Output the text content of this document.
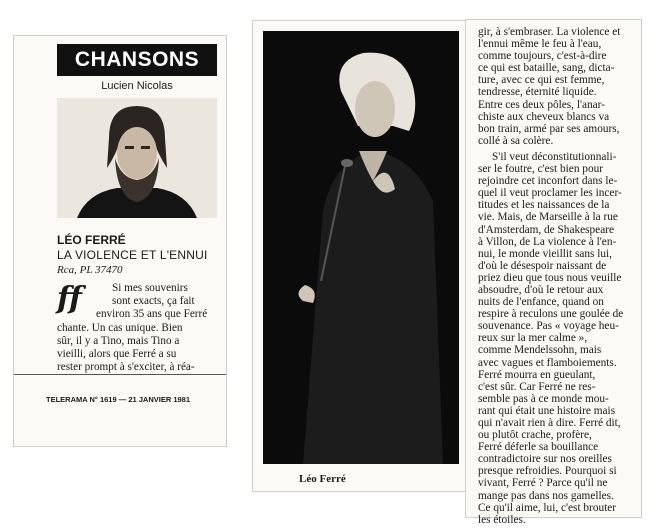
CHANSONS
Lucien Nicolas
LÉO FERRÉ
LA VIOLENCE ET L'ENNUI
Rca, PL 37470
ff	Si mes souvenirs
sont exacts, ça fait
environ 35 ans que Ferré
chante. Un cas unique. Bien
sûr, il y a Tino, mais Tino a
vieilli, alors que Ferré a su
rester prompt à s'exciter, à réa-
TELERAMA N° 1619 — 21 JANVIER 1981
Léo Ferré
gir, à s'embraser. La violence et
l'ennui même le feu à l'eau,
comme toujours, c'est-à-dire
ce qui est bataille, sang, dicta-
ture, avec ce qui est femme,
tendresse, éternité liquide.
Entre ces deux pôles, l'anar-
chiste aux cheveux blancs va
bon train, armé par ses amours,
collé à sa colère.
S'il veut déconstitutionnali-
ser le foutre, c'est bien pour
rejoindre cet inconfort dans le-
quel il veut proclamer les incer-
titudes et les naissances de la
vie. Mais, de Marseille à la rue
d'Amsterdam, de Shakespeare
à Villon, de La violence à l'en-
nui, le monde vieillit sans lui,
d'où le désespoir naissant de
priez dieu que tous nous veuille
absoudre, d'où le retour aux
nuits de l'enfance, quand on
respire à reculons une goulée de
souvenance. Pas « voyage heu-
reux sur la mer calme »,
comme Mendelssohn, mais
avec vagues et flamboiements.
Ferré mourra en gueulant,
c'est sûr. Car Ferré ne res-
semble pas à ce monde mou-
rant qui était une histoire mais
qui n'avait rien à dire. Ferré dit,
ou plutôt crache, profère,
Ferré déferle sa bouillance
contradictoire sur nos oreilles
presque refroidies. Pourquoi si
vivant, Ferré ? Parce qu'il ne
mange pas dans nos gamelles.
Ce qu'il aime, lui, c'est brouter
les étoiles.
